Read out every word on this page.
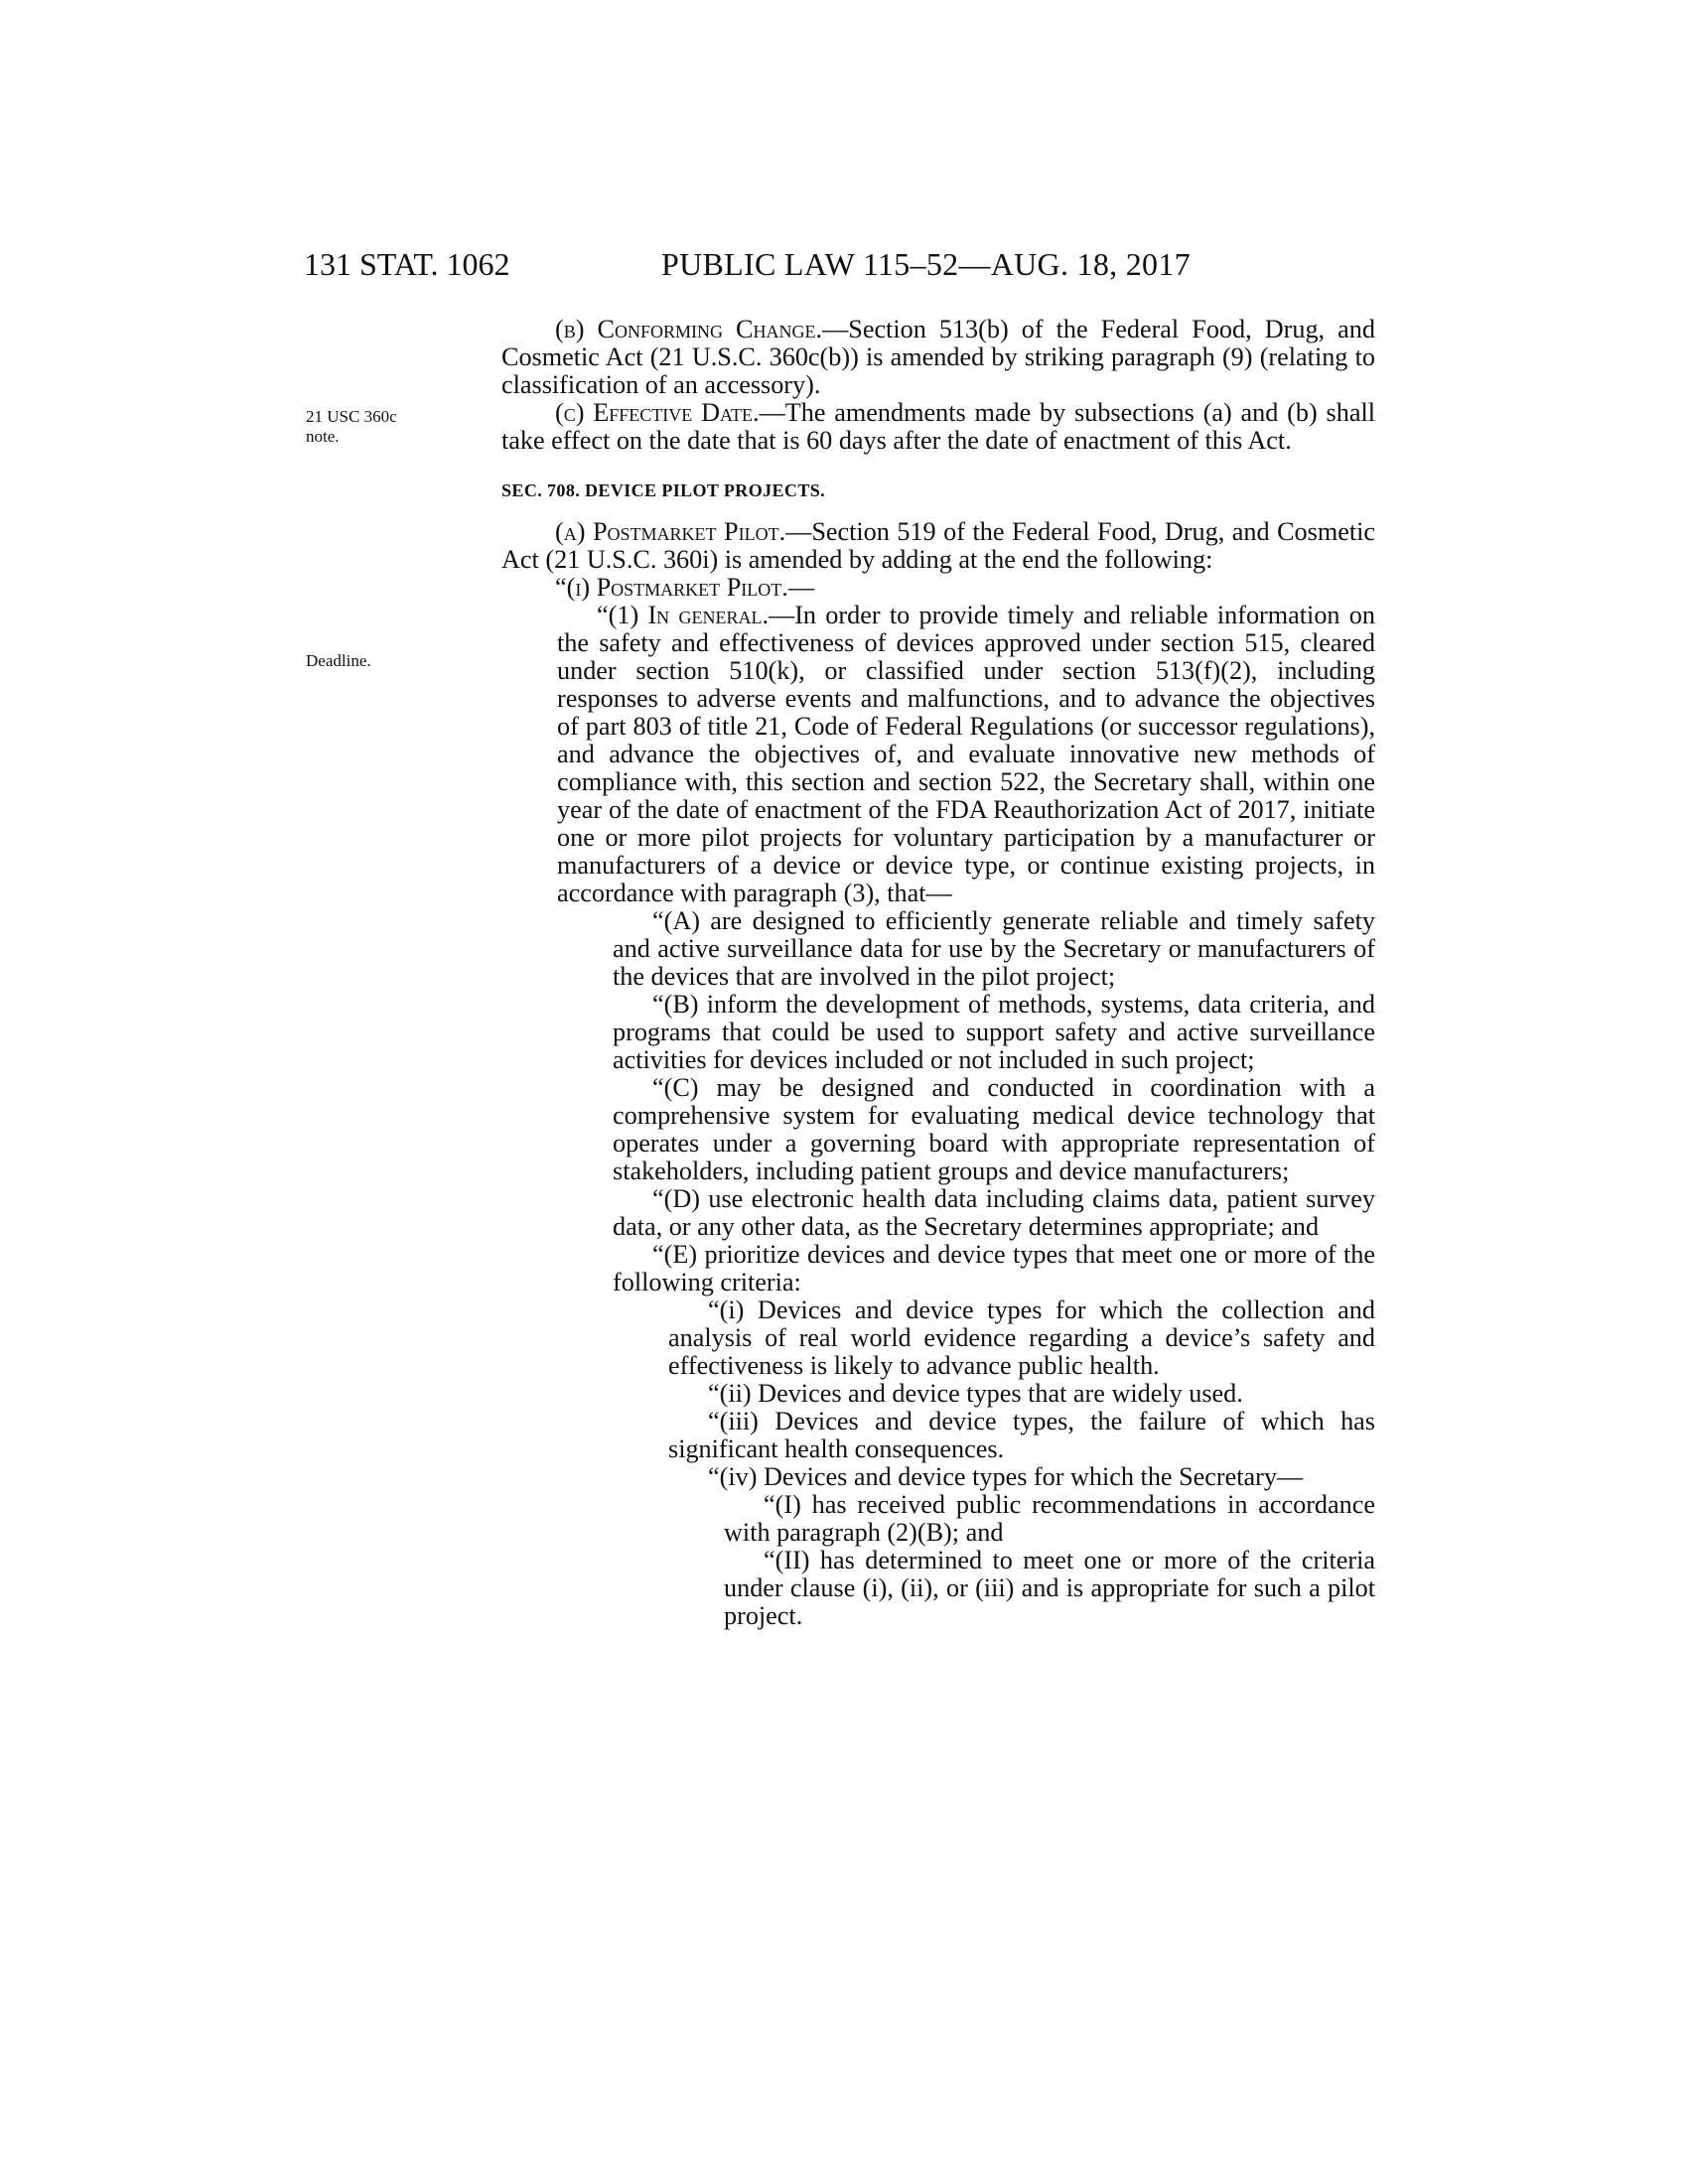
131 STAT. 1062	PUBLIC LAW 115–52—AUG. 18, 2017
21 USC 360c note.
Deadline.

(b) Conforming Change.—Section 513(b) of the Federal Food, Drug, and Cosmetic Act (21 U.S.C. 360c(b)) is amended by striking paragraph (9) (relating to classification of an accessory).

(c) Effective Date.—The amendments made by subsections (a) and (b) shall take effect on the date that is 60 days after the date of enactment of this Act.

SEC. 708. DEVICE PILOT PROJECTS.

(a) Postmarket Pilot.—Section 519 of the Federal Food, Drug, and Cosmetic Act (21 U.S.C. 360i) is amended by adding at the end the following:

“(i) Postmarket Pilot.—

“(1) In general.—In order to provide timely and reliable information on the safety and effectiveness of devices approved under section 515, cleared under section 510(k), or classified under section 513(f)(2), including responses to adverse events and malfunctions, and to advance the objectives of part 803 of title 21, Code of Federal Regulations (or successor regulations), and advance the objectives of, and evaluate innovative new methods of compliance with, this section and section 522, the Secretary shall, within one year of the date of enactment of the FDA Reauthorization Act of 2017, initiate one or more pilot projects for voluntary participation by a manufacturer or manufacturers of a device or device type, or continue existing projects, in accordance with paragraph (3), that—

“(A) are designed to efficiently generate reliable and timely safety and active surveillance data for use by the Secretary or manufacturers of the devices that are involved in the pilot project;

“(B) inform the development of methods, systems, data criteria, and programs that could be used to support safety and active surveillance activities for devices included or not included in such project;

“(C) may be designed and conducted in coordination with a comprehensive system for evaluating medical device technology that operates under a governing board with appropriate representation of stakeholders, including patient groups and device manufacturers;

“(D) use electronic health data including claims data, patient survey data, or any other data, as the Secretary determines appropriate; and

“(E) prioritize devices and device types that meet one or more of the following criteria:

“(i) Devices and device types for which the collection and analysis of real world evidence regarding a device’s safety and effectiveness is likely to advance public health.

“(ii) Devices and device types that are widely used.

“(iii) Devices and device types, the failure of which has significant health consequences.

“(iv) Devices and device types for which the Secretary—

“(I) has received public recommendations in accordance with paragraph (2)(B); and

“(II) has determined to meet one or more of the criteria under clause (i), (ii), or (iii) and is appropriate for such a pilot project.
